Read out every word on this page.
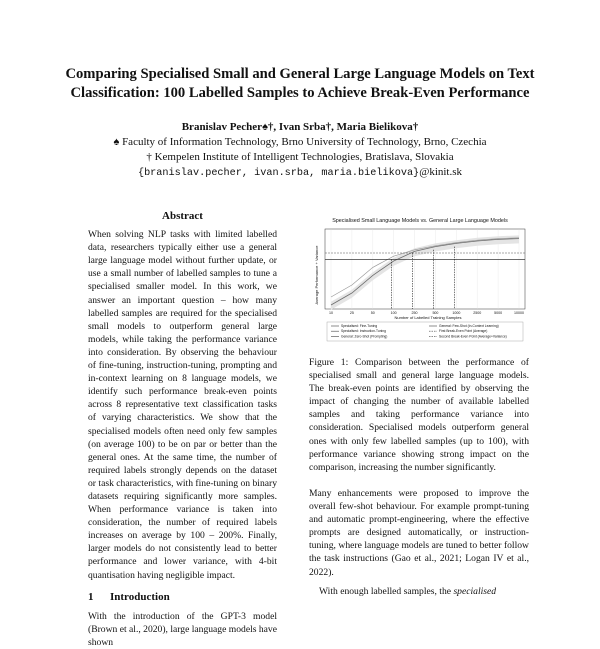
Comparing Specialised Small and General Large Language Models on Text Classification: 100 Labelled Samples to Achieve Break-Even Performance
Branislav Pecher♠†, Ivan Srba†, Maria Bielikova†
♠ Faculty of Information Technology, Brno University of Technology, Brno, Czechia
† Kempelen Institute of Intelligent Technologies, Bratislava, Slovakia
{branislav.pecher, ivan.srba, maria.bielikova}@kinit.sk
Abstract

When solving NLP tasks with limited labelled data, researchers typically either use a general large language model without further update, or use a small number of labelled samples to tune a specialised smaller model. In this work, we answer an important question – how many labelled samples are required for the specialised small models to outperform general large models, while taking the performance variance into consideration. By observing the behaviour of fine-tuning, instruction-tuning, prompting and in-context learning on 8 language models, we identify such performance break-even points across 8 representative text classification tasks of varying characteristics. We show that the specialised models often need only few samples (on average 100) to be on par or better than the general ones. At the same time, the number of required labels strongly depends on the dataset or task characteristics, with fine-tuning on binary datasets requiring significantly more samples. When performance variance is taken into consideration, the number of required labels increases on average by 100 – 200%. Finally, larger models do not consistently lead to better performance and lower variance, with 4-bit quantisation having negligible impact.

1 Introduction

With the introduction of the GPT-3 model (Brown et al., 2020), large language models have shown

Specialised Small Language Models vs. General Large Language Models
10	25	50	100	250	500	1000	2500	5000	10000
Number of Labelled Training Samples
Average Performance + Variance
Specialised: Fine-Tuning
Specialised: Instruction-Tuning
General: Zero-Shot (Prompting)
General: Few-Shot (In-Context Learning)
First Break-Even Point (Average)
Second Break-Even Point (Average+Variance)
Figure 1: Comparison between the performance of specialised small and general large language models. The break-even points are identified by observing the impact of changing the number of available labelled samples and taking performance variance into consideration. Specialised models outperform general ones with only few labelled samples (up to 100), with performance variance showing strong impact on the comparison, increasing the number significantly.

Many enhancements were proposed to improve the overall few-shot behaviour. For example prompt-tuning and automatic prompt-engineering, where the effective prompts are designed automatically, or instruction-tuning, where language models are tuned to better follow the task instructions (Gao et al., 2021; Logan IV et al., 2022).

With enough labelled samples, the specialised
